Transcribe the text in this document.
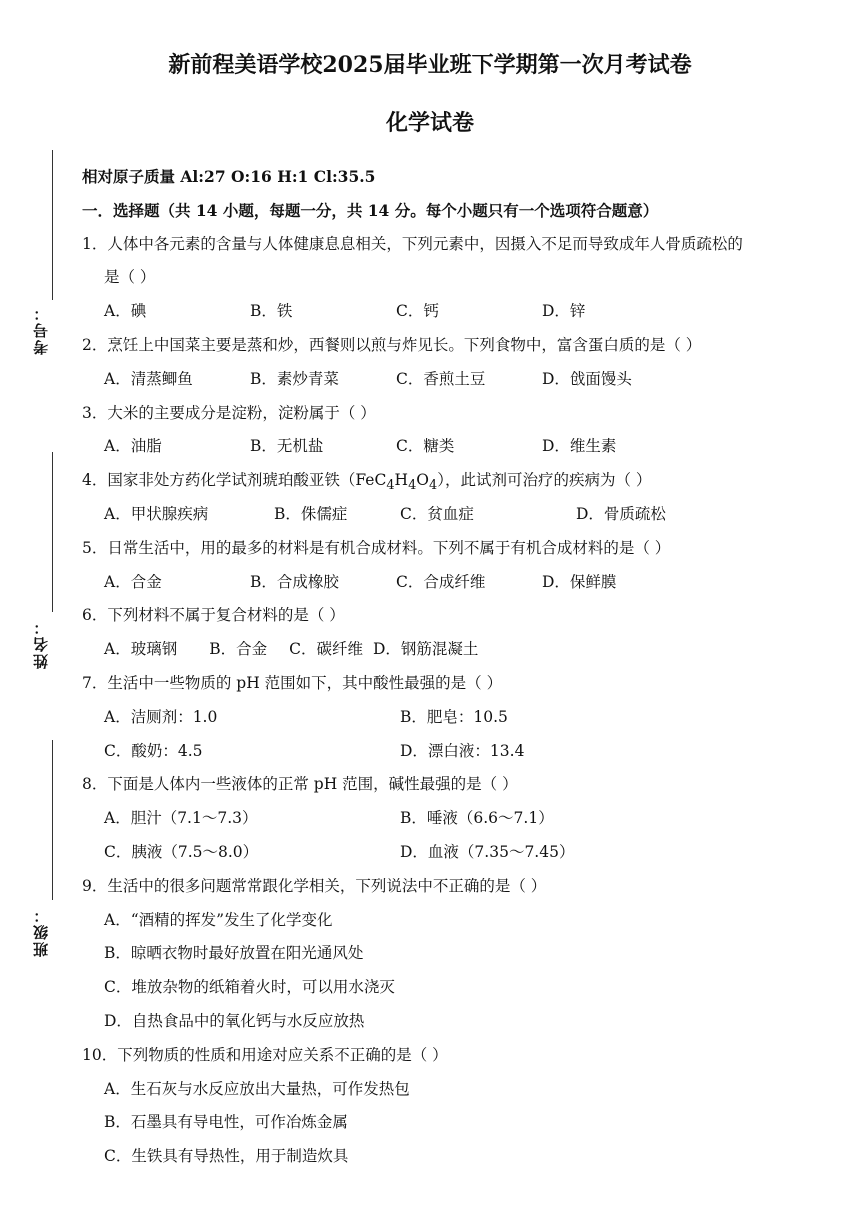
新前程美语学校2025届毕业班下学期第一次月考试卷
化学试卷
考号：
姓名：
班级：
相对原子质量 Al:27 O:16 H:1 Cl:35.5
一．选择题（共 14 小题，每题一分，共 14 分。每个小题只有一个选项符合题意）
1．人体中各元素的含量与人体健康息息相关，下列元素中，因摄入不足而导致成年人骨质疏松的
是（ ）
A．碘	B．铁	C．钙	D．锌
2．烹饪上中国菜主要是蒸和炒，西餐则以煎与炸见长。下列食物中，富含蛋白质的是（ ）
A．清蒸鲫鱼	B．素炒青菜	C．香煎土豆	D．戗面馒头
3．大米的主要成分是淀粉，淀粉属于（ ）
A．油脂	B．无机盐	C．糖类	D．维生素
4．国家非处方药化学试剂琥珀酸亚铁$(FeC_4H_4O_4)$，此试剂可治疗的疾病为（ ）
A．甲状腺疾病	B．侏儒症	C．贫血症	D．骨质疏松
5．日常生活中，用的最多的材料是有机合成材料。下列不属于有机合成材料的是（ ）
A．合金	B．合成橡胶	C．合成纤维	D．保鲜膜
6．下列材料不属于复合材料的是（ ）
A．玻璃钢 B．合金 C．碳纤维 D．钢筋混凝土
7．生活中一些物质的 pH 范围如下，其中酸性最强的是（ ）
A．洁厕剂：1.0	B．肥皂：10.5
C．酸奶：4.5	D．漂白液：13.4
8．下面是人体内一些液体的正常 pH 范围，碱性最强的是（ ）
A．胆汁（7.1～7.3）	B．唾液（6.6～7.1）
C．胰液（7.5～8.0）	D．血液（7.35～7.45）
9．生活中的很多问题常常跟化学相关，下列说法中不正确的是（ ）
A．“酒精的挥发”发生了化学变化
B．晾晒衣物时最好放置在阳光通风处
C．堆放杂物的纸箱着火时，可以用水浇灭
D．自热食品中的氧化钙与水反应放热
10．下列物质的性质和用途对应关系不正确的是（ ）
A．生石灰与水反应放出大量热，可作发热包
B．石墨具有导电性，可作冶炼金属
C．生铁具有导热性，用于制造炊具
